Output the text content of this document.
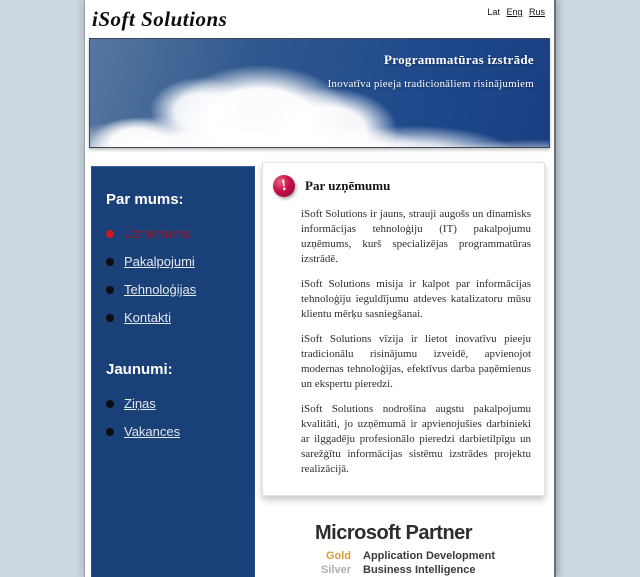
iSoft Solutions	Lat Eng Rus
Programmatūras izstrāde
Inovatīva pieeja tradicionāliem risinājumiem
Par mums:
Uzņēmums
Pakalpojumi
Tehnoloģijas
Kontakti
Jaunumi:
Ziņas
Vakances
!	Par uzņēmumu

iSoft Solutions ir jauns, strauji augošs un dinamisks informācijas tehnoloģiju (IT) pakalpojumu uzņēmums, kurš specializējas programmatūras izstrādē.

iSoft Solutions misija ir kalpot par informācijas tehnoloģiju ieguldījumu atdeves katalizatoru mūsu klientu mērķu sasniegšanai.

iSoft Solutions vīzija ir lietot inovatīvu pieeju tradicionālu risinājumu izveidē, apvienojot modernas tehnoloģijas, efektīvus darba paņēmienus un ekspertu pieredzi.

iSoft Solutions nodrošina augstu pakalpojumu kvalitāti, jo uzņēmumā ir apvienojušies darbinieki ar ilggadēju profesionālo pieredzi darbietilpīgu un sarežģītu informācijas sistēmu izstrādes projektu realizācijā.

Microsoft Partner
Gold Application Development
Silver Business Intelligence
